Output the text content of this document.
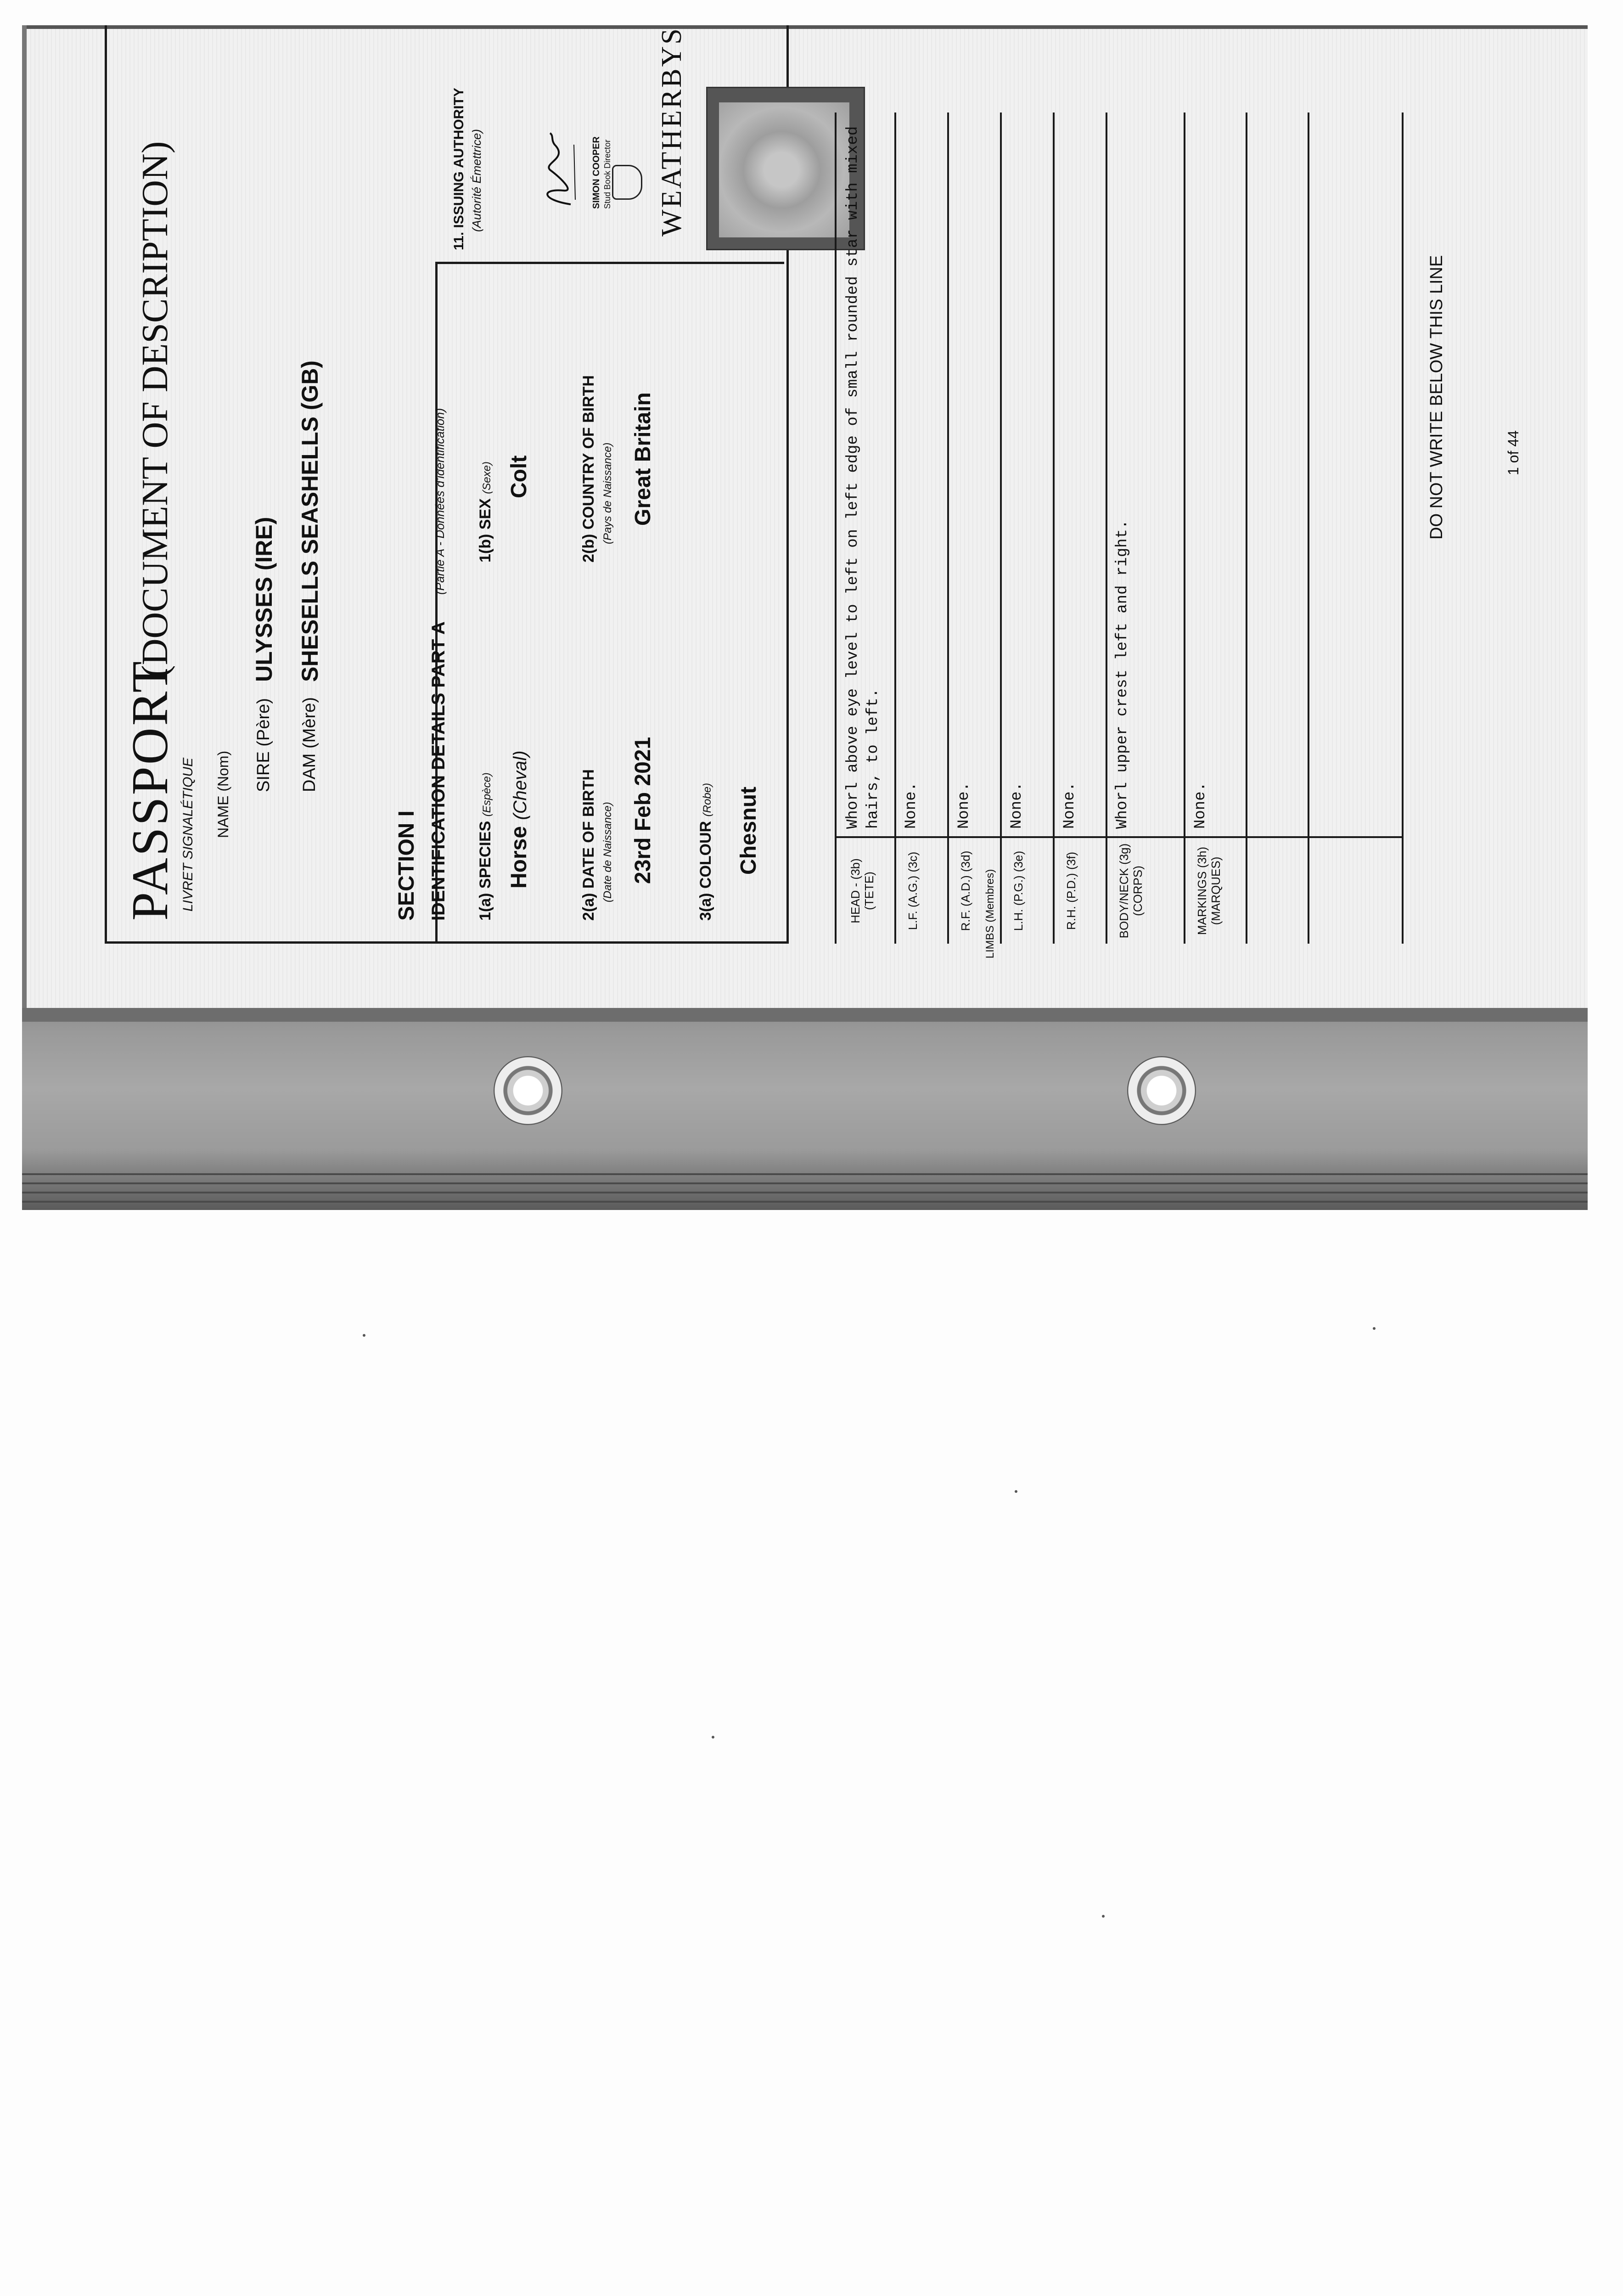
PASSPORT
(DOCUMENT OF DESCRIPTION)
LIVRET SIGNALÉTIQUE NAME (Nom)
SIRE (Père)
ULYSSES (IRE)
DAM (Mère)
SHESELLS SEASHELLS (GB)
SECTION I IDENTIFICATION DETAILS PART A
(Partie A - Données d'identification)
1(a) SPECIES (Espèce)
Horse (Cheval)
1(b) SEX (Sexe) Colt
2(a) DATE OF BIRTH (Date de Naissance) 23rd Feb 2021
2(b) COUNTRY OF BIRTH (Pays de Naissance) Great Britain
3(a) COLOUR (Robe) Chesnut
11. ISSUING AUTHORITY (Autorité Émettrice)	SIMON COOPER Stud Book Director WEATHERBYS
LIMBS (Membres)
HEAD - (3b) (TETE)
Whorl above eye level to left on left edge of small rounded star with mixed hairs, to left.
L.F. (A.G.) (3c)
None.
R.F. (A.D.) (3d)
None.
L.H. (P.G.) (3e)
None.
R.H. (P.D.) (3f)
None.
BODY/NECK (3g) (CORPS)
Whorl upper crest left and right.
MARKINGS (3h) (MARQUES)
None.
DO NOT WRITE BELOW THIS LINE	1 of 44
